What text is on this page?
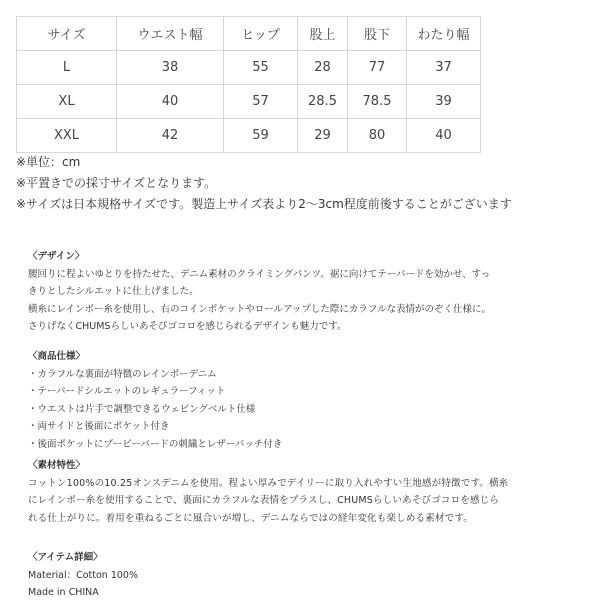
サイズ	ウエスト幅	ヒップ	股上	股下	わたり幅
L	38	55	28	77	37
XL	40	57	28.5	78.5	39
XXL	42	59	29	80	40
※単位：cm
※平置きでの採寸サイズとなります。
※サイズは日本規格サイズです。製造上サイズ表より2〜3cm程度前後することがございます
〈デザイン〉
腰回りに程よいゆとりを持たせた、デニム素材のクライミングパンツ。裾に向けてテーパードを効かせ、すっ
きりとしたシルエットに仕上げました。
横糸にレインボー糸を使用し、右のコインポケットやロールアップした際にカラフルな表情がのぞく仕様に。
さりげなくCHUMSらしいあそびゴコロを感じられるデザインも魅力です。
〈商品仕様〉
・カラフルな裏面が特徴のレインボーデニム
・テーパードシルエットのレギュラーフィット
・ウエストは片手で調整できるウェビングベルト仕様
・両サイドと後面にポケット付き
・後面ポケットにブービーバードの刺繍とレザーパッチ付き
〈素材特性〉
コットン100%の10.25オンスデニムを使用。程よい厚みでデイリーに取り入れやすい生地感が特徴です。横糸
にレインボー糸を使用することで、裏面にカラフルな表情をプラスし、CHUMSらしいあそびゴコロを感じら
れる仕上がりに。着用を重ねるごとに風合いが増し、デニムならではの経年変化も楽しめる素材です。
〈アイテム詳細〉
Material：Cotton 100%
Made in CHINA
